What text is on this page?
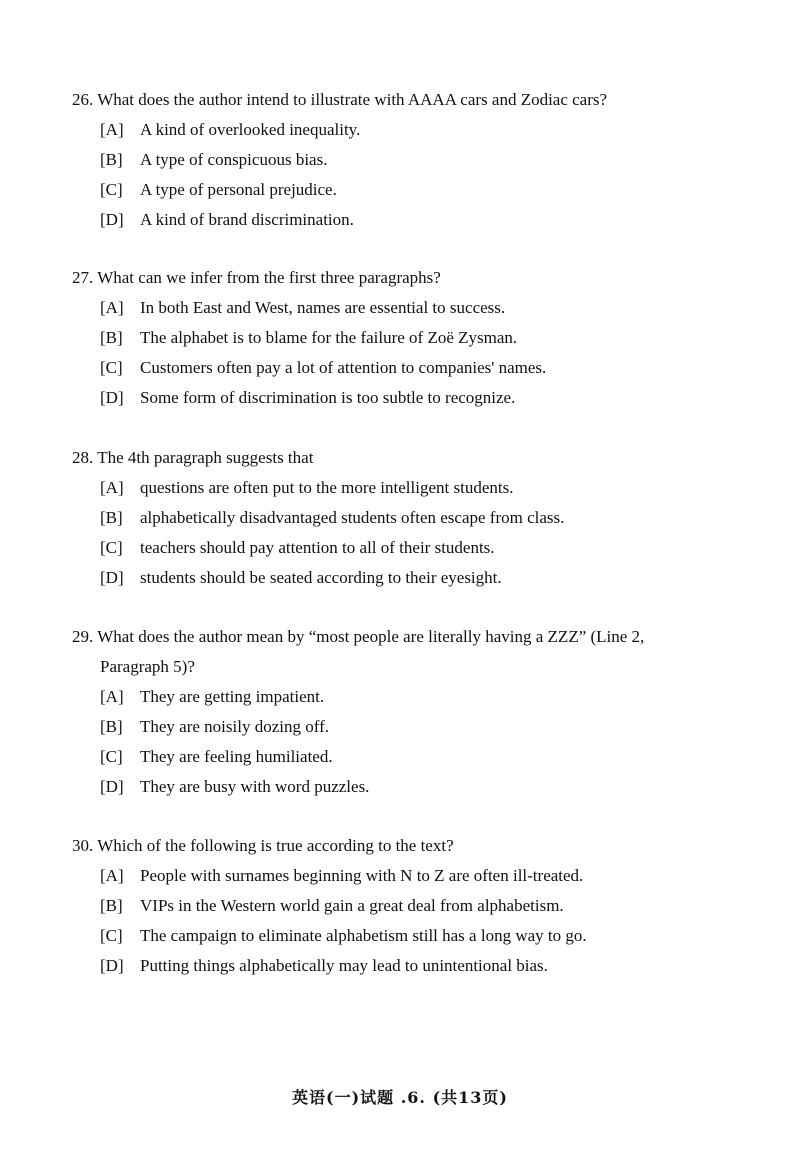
26. What does the author intend to illustrate with AAAA cars and Zodiac cars?
[A] A kind of overlooked inequality.
[B] A type of conspicuous bias.
[C] A type of personal prejudice.
[D] A kind of brand discrimination.
27. What can we infer from the first three paragraphs?
[A] In both East and West, names are essential to success.
[B] The alphabet is to blame for the failure of Zoë Zysman.
[C] Customers often pay a lot of attention to companies' names.
[D] Some form of discrimination is too subtle to recognize.
28. The 4th paragraph suggests that
[A] questions are often put to the more intelligent students.
[B] alphabetically disadvantaged students often escape from class.
[C] teachers should pay attention to all of their students.
[D] students should be seated according to their eyesight.
29. What does the author mean by “most people are literally having a ZZZ” (Line 2,
Paragraph 5)?
[A] They are getting impatient.
[B] They are noisily dozing off.
[C] They are feeling humiliated.
[D] They are busy with word puzzles.
30. Which of the following is true according to the text?
[A] People with surnames beginning with N to Z are often ill-treated.
[B] VIPs in the Western world gain a great deal from alphabetism.
[C] The campaign to eliminate alphabetism still has a long way to go.
[D] Putting things alphabetically may lead to unintentional bias.
英语(一)试题 .6. (共13页)
